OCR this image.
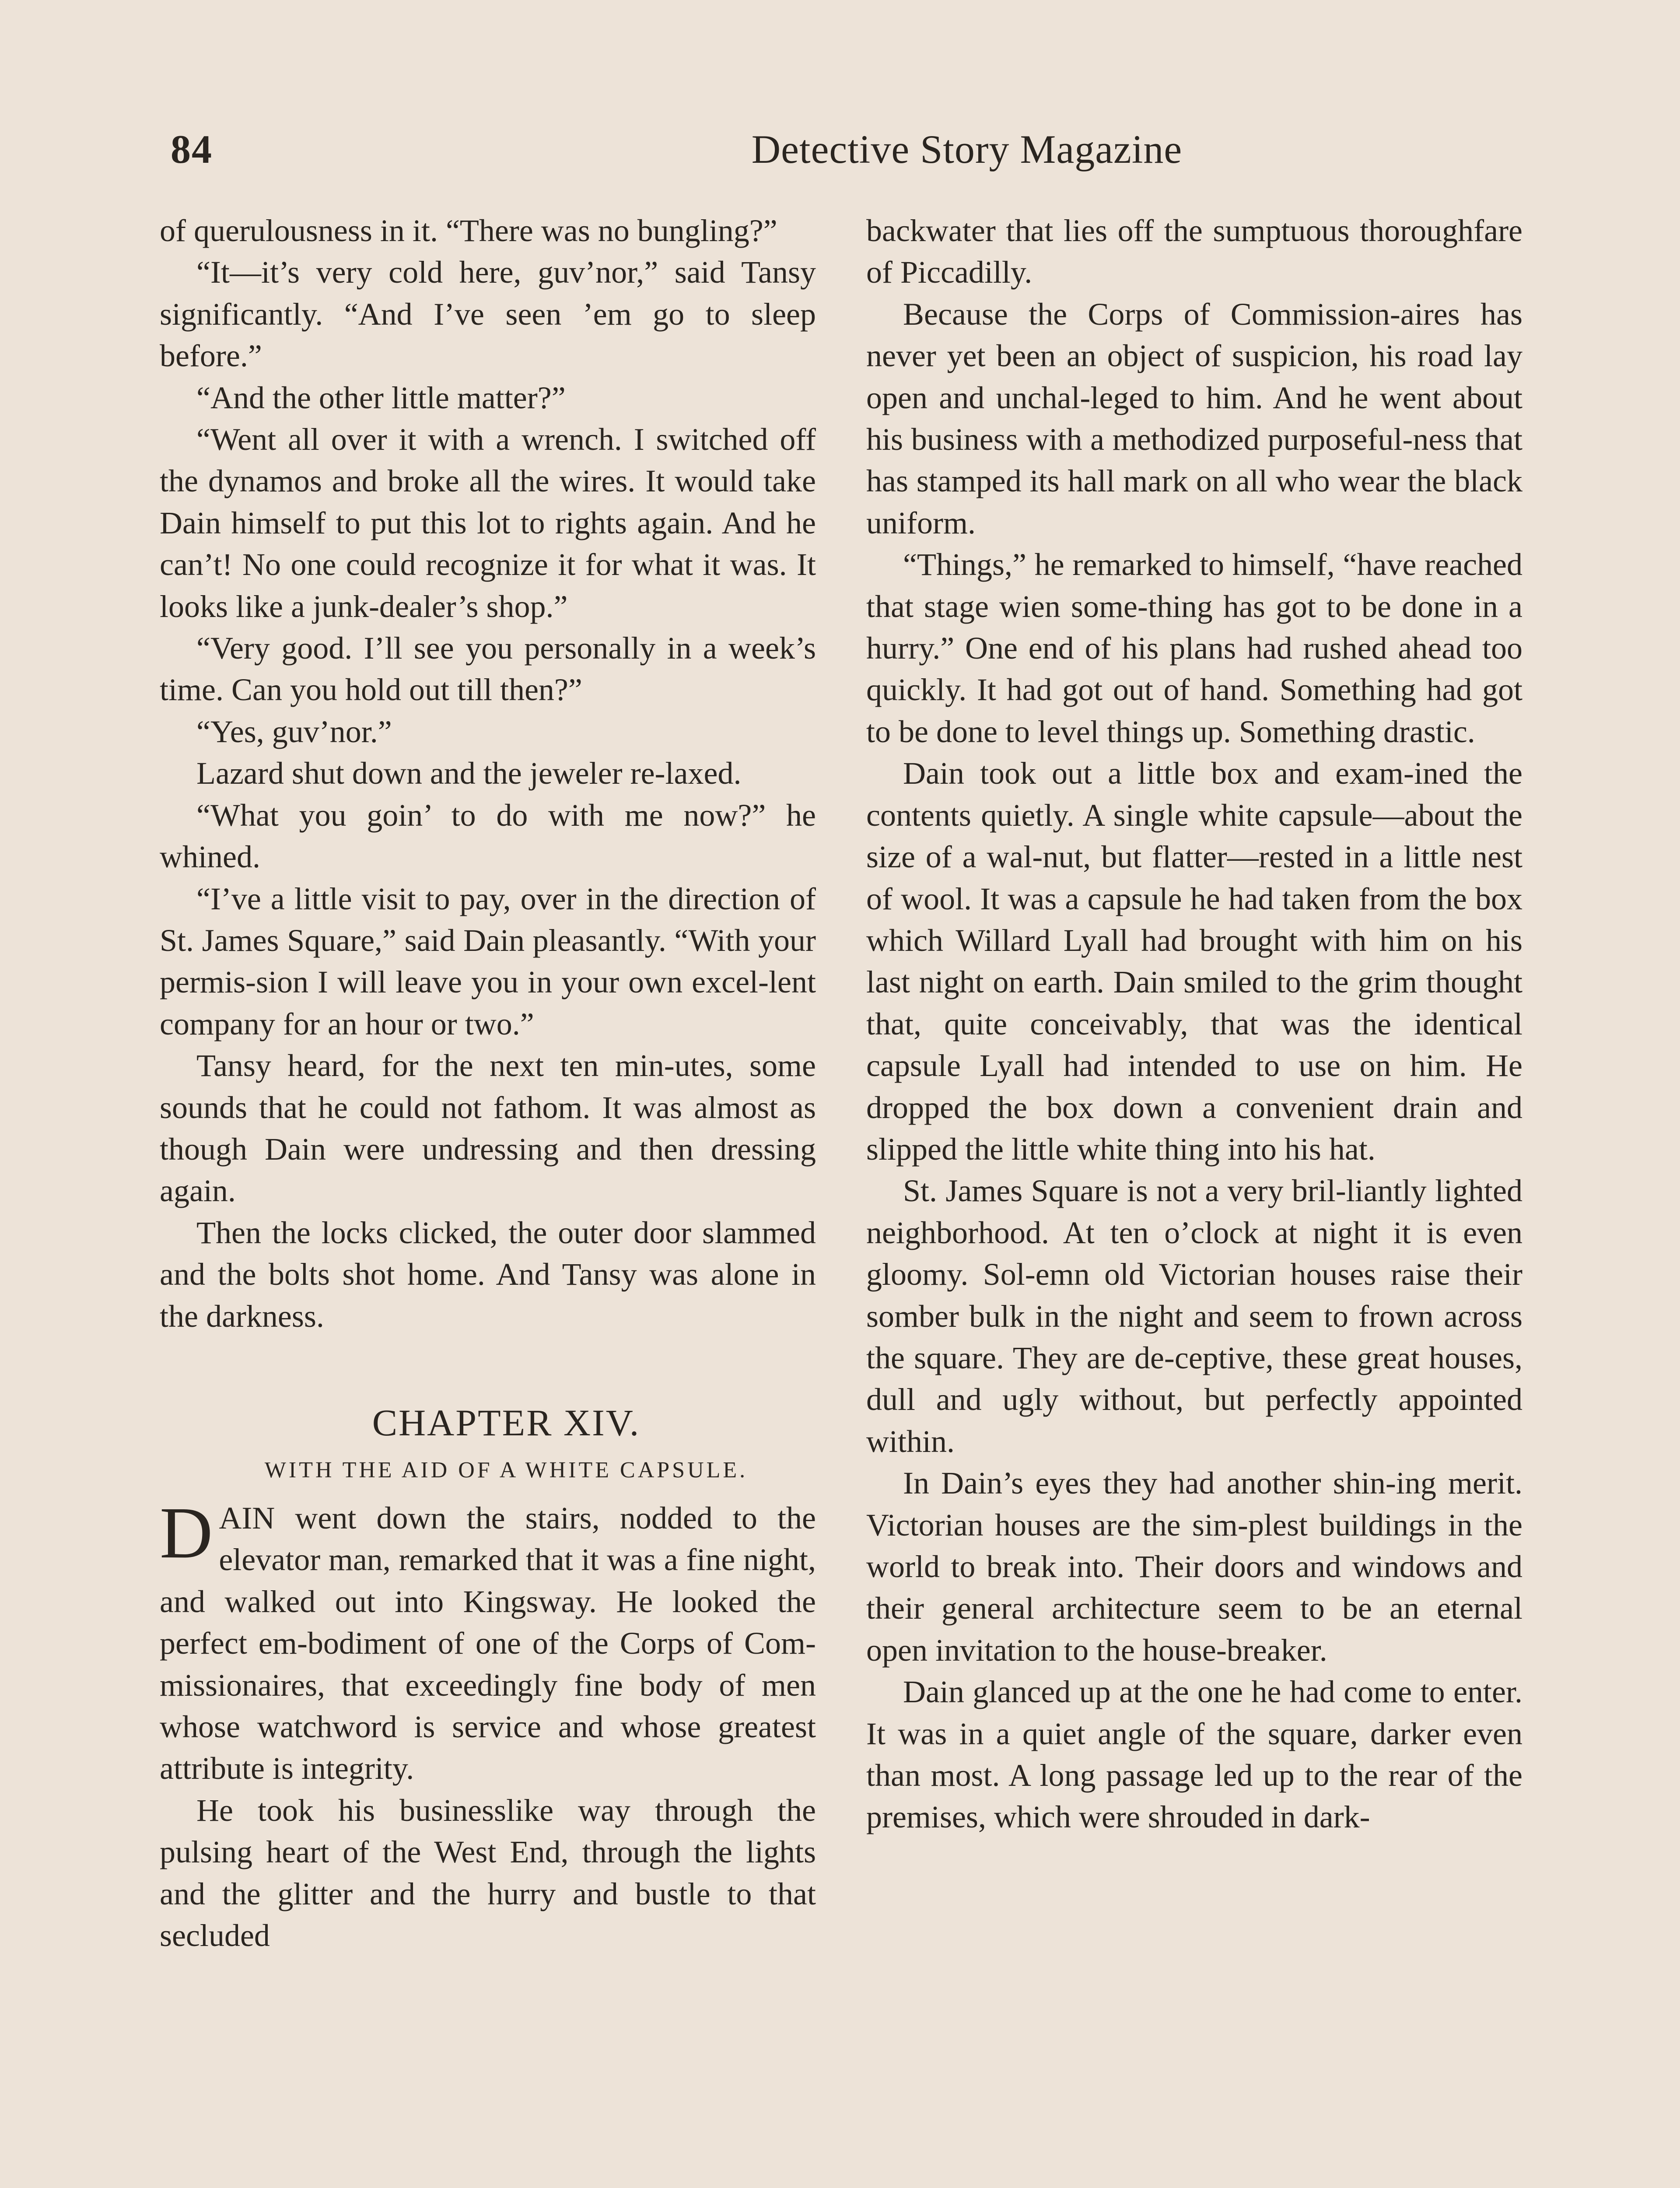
84	Detective Story Magazine

of querulousness in it. “There was no bungling?”

“It—it’s very cold here, guv’nor,” said Tansy significantly. “And I’ve seen ’em go to sleep before.”

“And the other little matter?”

“Went all over it with a wrench. I switched off the dynamos and broke all the wires. It would take Dain himself to put this lot to rights again. And he can’t! No one could recognize it for what it was. It looks like a junk-dealer’s shop.”

“Very good. I’ll see you personally in a week’s time. Can you hold out till then?”

“Yes, guv’nor.”

Lazard shut down and the jeweler re-laxed.

“What you goin’ to do with me now?” he whined.

“I’ve a little visit to pay, over in the direction of St. James Square,” said Dain pleasantly. “With your permis-sion I will leave you in your own excel-lent company for an hour or two.”

Tansy heard, for the next ten min-utes, some sounds that he could not fathom. It was almost as though Dain were undressing and then dressing again.

Then the locks clicked, the outer door slammed and the bolts shot home. And Tansy was alone in the darkness.

CHAPTER XIV.

WITH THE AID OF A WHITE CAPSULE.

DAIN went down the stairs, nodded to the elevator man, remarked that it was a fine night, and walked out into Kingsway. He looked the perfect em-bodiment of one of the Corps of Com-missionaires, that exceedingly fine body of men whose watchword is service and whose greatest attribute is integrity.

He took his businesslike way through the pulsing heart of the West End, through the lights and the glitter and the hurry and bustle to that secluded

backwater that lies off the sumptuous thoroughfare of Piccadilly.

Because the Corps of Commission-aires has never yet been an object of suspicion, his road lay open and unchal-leged to him. And he went about his business with a methodized purposeful-ness that has stamped its hall mark on all who wear the black uniform.

“Things,” he remarked to himself, “have reached that stage wien some-thing has got to be done in a hurry.” One end of his plans had rushed ahead too quickly. It had got out of hand. Something had got to be done to level things up. Something drastic.

Dain took out a little box and exam-ined the contents quietly. A single white capsule—about the size of a wal-nut, but flatter—rested in a little nest of wool. It was a capsule he had taken from the box which Willard Lyall had brought with him on his last night on earth. Dain smiled to the grim thought that, quite conceivably, that was the identical capsule Lyall had intended to use on him. He dropped the box down a convenient drain and slipped the little white thing into his hat.

St. James Square is not a very bril-liantly lighted neighborhood. At ten o’clock at night it is even gloomy. Sol-emn old Victorian houses raise their somber bulk in the night and seem to frown across the square. They are de-ceptive, these great houses, dull and ugly without, but perfectly appointed within.

In Dain’s eyes they had another shin-ing merit. Victorian houses are the sim-plest buildings in the world to break into. Their doors and windows and their general architecture seem to be an eternal open invitation to the house-breaker.

Dain glanced up at the one he had come to enter. It was in a quiet angle of the square, darker even than most. A long passage led up to the rear of the premises, which were shrouded in dark-
